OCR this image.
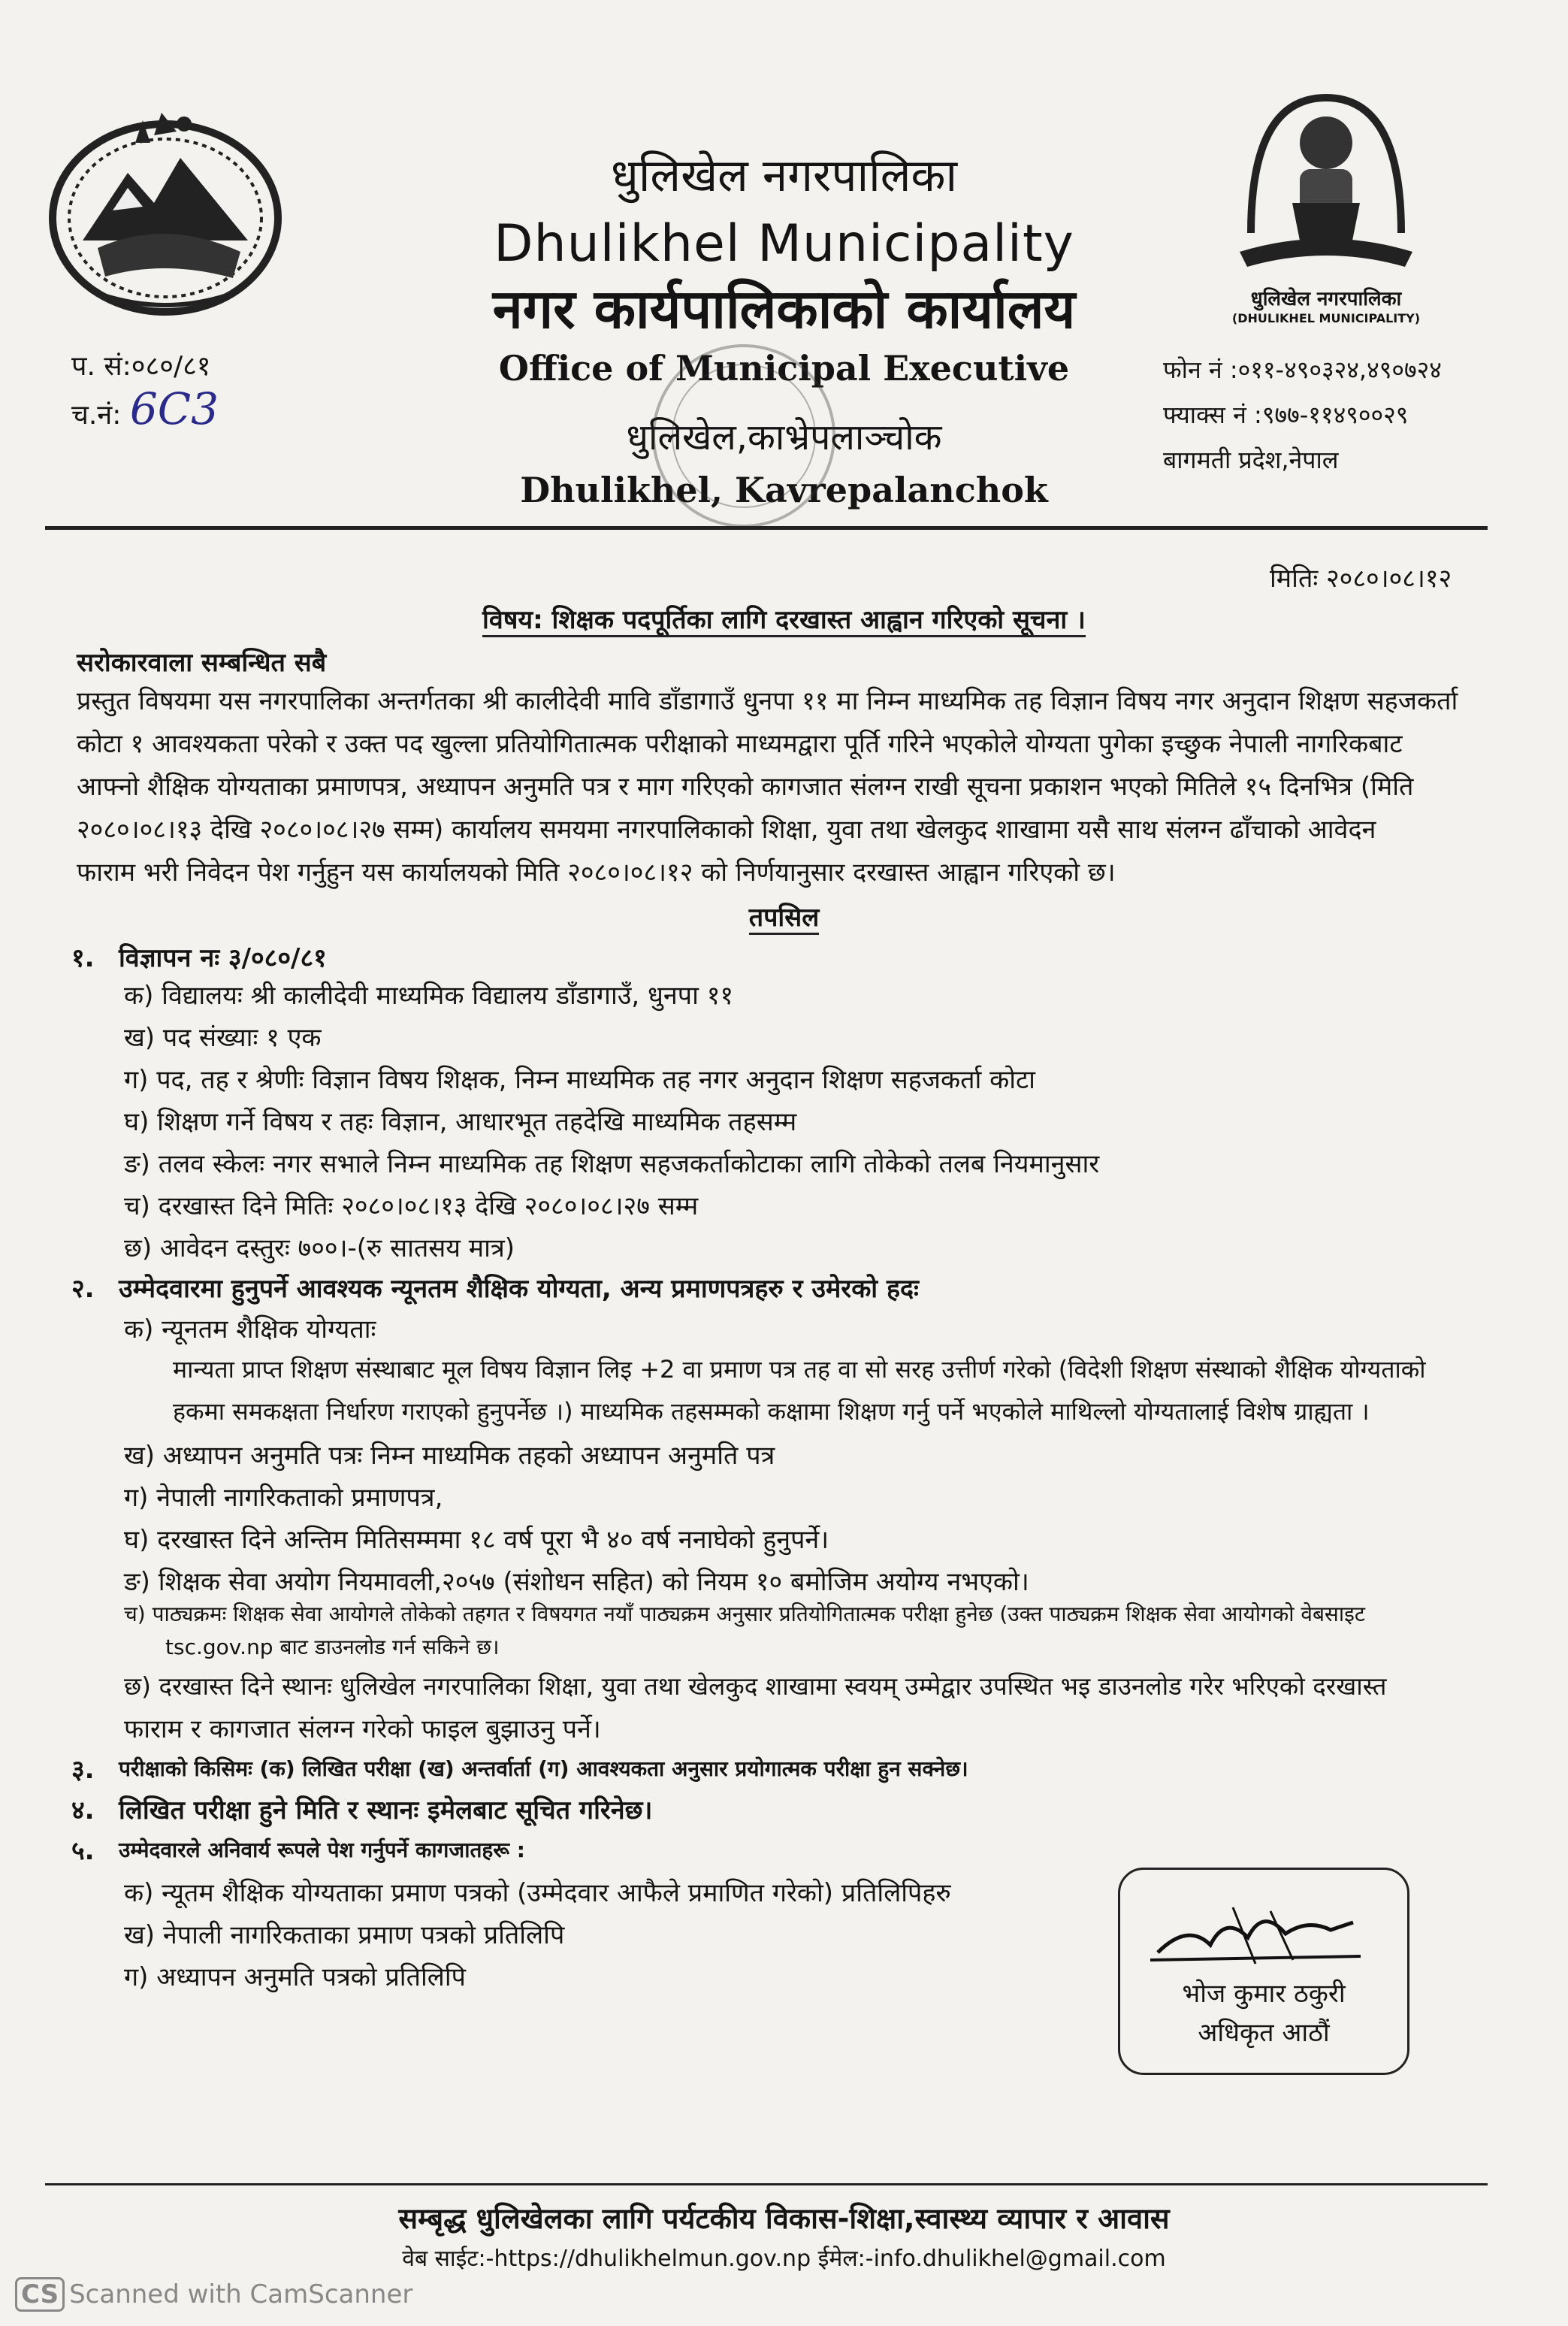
धुलिखेल नगरपालिका
(DHULIKHEL MUNICIPALITY)
धुलिखेल नगरपालिका
Dhulikhel Municipality
नगर कार्यपालिकाको कार्यालय
Office of Municipal Executive
धुलिखेल,काभ्रेपलाञ्चोक
Dhulikhel, Kavrepalanchok
प. सं:०८०/८१
च.नं: 6C3
फोन नं :०११-४९०३२४,४९०७२४
फ्याक्स नं :९७७-११४९००२९
बागमती प्रदेश,नेपाल
मितिः २०८०।०८।१२
विषय: शिक्षक पदपूर्तिका लागि दरखास्त आह्वान गरिएको सूचना ।
सरोकारवाला सम्बन्धित सबै
प्रस्तुत विषयमा यस नगरपालिका अन्तर्गतका श्री कालीदेवी मावि डाँडागाउँ धुनपा ११ मा निम्न माध्यमिक तह विज्ञान विषय नगर अनुदान शिक्षण सहजकर्ता
कोटा १ आवश्यकता परेको र उक्त पद खुल्ला प्रतियोगितात्मक परीक्षाको माध्यमद्वारा पूर्ति गरिने भएकोले योग्यता पुगेका इच्छुक नेपाली नागरिकबाट
आफ्नो शैक्षिक योग्यताका प्रमाणपत्र, अध्यापन अनुमति पत्र र माग गरिएको कागजात संलग्न राखी सूचना प्रकाशन भएको मितिले १५ दिनभित्र (मिति
२०८०।०८।१३ देखि २०८०।०८।२७ सम्म) कार्यालय समयमा नगरपालिकाको शिक्षा, युवा तथा खेलकुद शाखामा यसै साथ संलग्न ढाँचाको आवेदन
फाराम भरी निवेदन पेश गर्नुहुन यस कार्यालयको मिति २०८०।०८।१२ को निर्णयानुसार दरखास्त आह्वान गरिएको छ।
तपसिल
१. विज्ञापन नः ३/०८०/८१
क) विद्यालयः श्री कालीदेवी माध्यमिक विद्यालय डाँडागाउँ, धुनपा ११
ख) पद संख्याः १ एक
ग) पद, तह र श्रेणीः विज्ञान विषय शिक्षक, निम्न माध्यमिक तह नगर अनुदान शिक्षण सहजकर्ता कोटा
घ) शिक्षण गर्ने विषय र तहः विज्ञान, आधारभूत तहदेखि माध्यमिक तहसम्म
ङ) तलव स्केलः नगर सभाले निम्न माध्यमिक तह शिक्षण सहजकर्ताकोटाका लागि तोकेको तलब नियमानुसार
च) दरखास्त दिने मितिः २०८०।०८।१३ देखि २०८०।०८।२७ सम्म
छ) आवेदन दस्तुरः ७००।-(रु सातसय मात्र)
२. उम्मेदवारमा हुनुपर्ने आवश्यक न्यूनतम शैक्षिक योग्यता, अन्य प्रमाणपत्रहरु र उमेरको हदः
क) न्यूनतम शैक्षिक योग्यताः
मान्यता प्राप्त शिक्षण संस्थाबाट मूल विषय विज्ञान लिइ +2 वा प्रमाण पत्र तह वा सो सरह उत्तीर्ण गरेको (विदेशी शिक्षण संस्थाको शैक्षिक योग्यताको
हकमा समकक्षता निर्धारण गराएको हुनुपर्नेछ ।) माध्यमिक तहसम्मको कक्षामा शिक्षण गर्नु पर्ने भएकोले माथिल्लो योग्यतालाई विशेष ग्राह्यता ।
ख) अध्यापन अनुमति पत्रः निम्न माध्यमिक तहको अध्यापन अनुमति पत्र
ग) नेपाली नागरिकताको प्रमाणपत्र,
घ) दरखास्त दिने अन्तिम मितिसम्ममा १८ वर्ष पूरा भै ४० वर्ष ननाघेको हुनुपर्ने।
ङ) शिक्षक सेवा अयोग नियमावली,२०५७ (संशोधन सहित) को नियम १० बमोजिम अयोग्य नभएको।
च) पाठ्यक्रमः शिक्षक सेवा आयोगले तोकेको तहगत र विषयगत नयाँ पाठ्यक्रम अनुसार प्रतियोगितात्मक परीक्षा हुनेछ (उक्त पाठ्यक्रम शिक्षक सेवा आयोगको वेबसाइट
tsc.gov.np बाट डाउनलोड गर्न सकिने छ।
छ) दरखास्त दिने स्थानः धुलिखेल नगरपालिका शिक्षा, युवा तथा खेलकुद शाखामा स्वयम् उम्मेद्वार उपस्थित भइ डाउनलोड गरेर भरिएको दरखास्त
फाराम र कागजात संलग्न गरेको फाइल बुझाउनु पर्ने।
३. परीक्षाको किसिमः (क) लिखित परीक्षा (ख) अन्तर्वार्ता (ग) आवश्यकता अनुसार प्रयोगात्मक परीक्षा हुन सक्नेछ।
४. लिखित परीक्षा हुने मिति र स्थानः इमेलबाट सूचित गरिनेछ।
५. उम्मेदवारले अनिवार्य रूपले पेश गर्नुपर्ने कागजातहरू :
क) न्यूतम शैक्षिक योग्यताका प्रमाण पत्रको (उम्मेदवार आफैले प्रमाणित गरेको) प्रतिलिपिहरु
ख) नेपाली नागरिकताका प्रमाण पत्रको प्रतिलिपि
ग) अध्यापन अनुमति पत्रको प्रतिलिपि
भोज कुमार ठकुरी
अधिकृत आठौं
सम्बृद्ध धुलिखेलका लागि पर्यटकीय विकास-शिक्षा,स्वास्थ्य व्यापार र आवास
वेब साईट:-https://dhulikhelmun.gov.np ईमेल:-info.dhulikhel@gmail.com
CS Scanned with CamScanner
